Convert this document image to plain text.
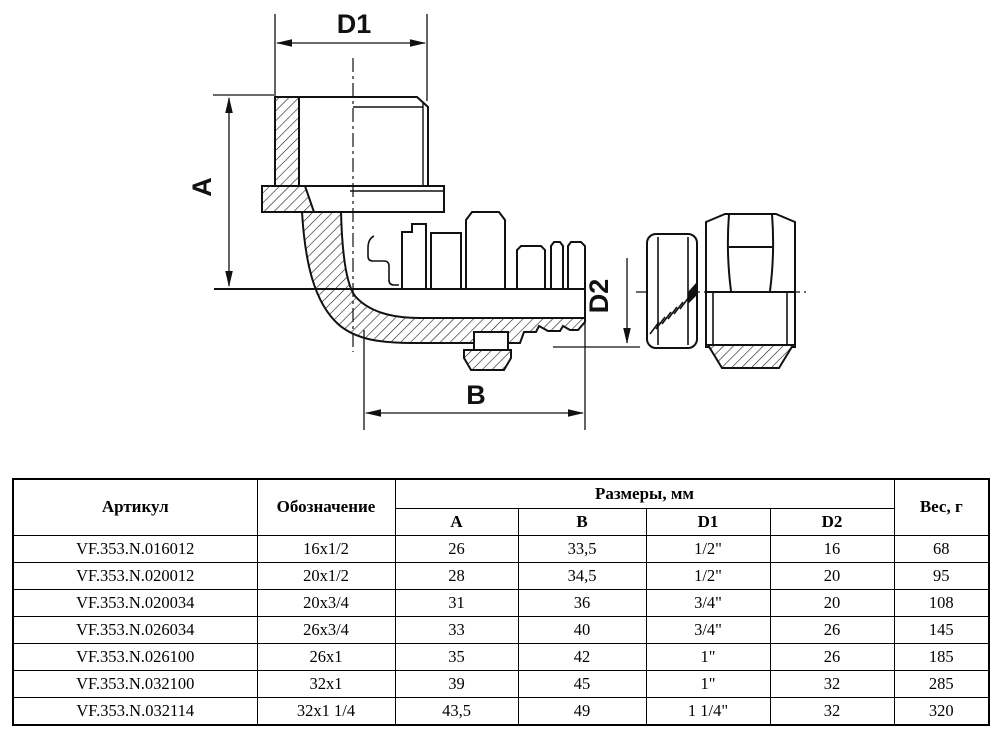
D1
A
B
D2
Артикул	Обозначение	Размеры, мм				Вес, г
		A	B	D1	D2	
VF.353.N.016012	16x1/2	26	33,5	1/2"	16	68
VF.353.N.020012	20x1/2	28	34,5	1/2"	20	95
VF.353.N.020034	20x3/4	31	36	3/4"	20	108
VF.353.N.026034	26x3/4	33	40	3/4"	26	145
VF.353.N.026100	26x1	35	42	1"	26	185
VF.353.N.032100	32x1	39	45	1"	32	285
VF.353.N.032114	32x1 1/4	43,5	49	1 1/4"	32	320
